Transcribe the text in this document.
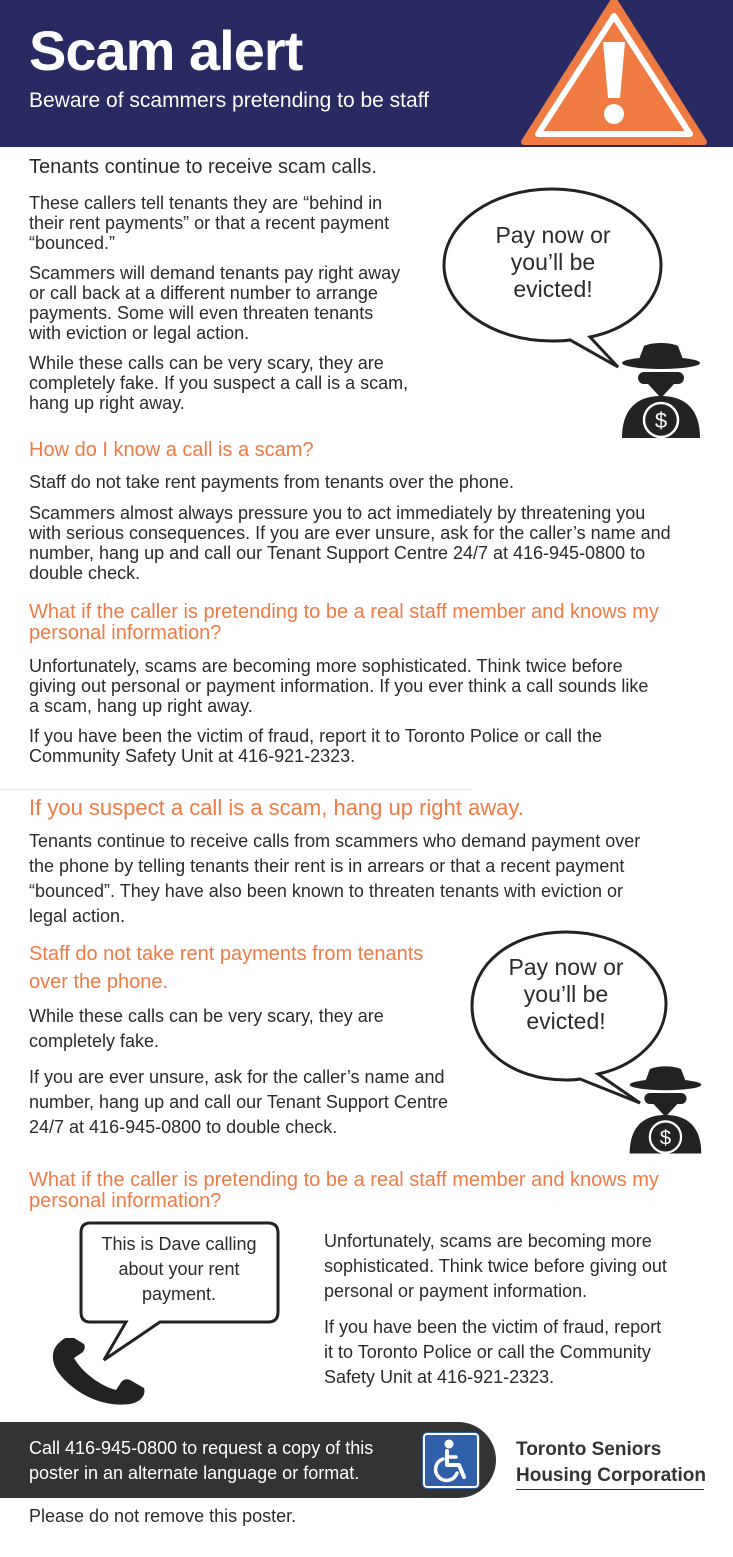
Scam alert
Beware of scammers pretending to be staff
Tenants continue to receive scam calls.
These callers tell tenants they are “behind in
their rent payments” or that a recent payment
“bounced.”
Scammers will demand tenants pay right away
or call back at a different number to arrange
payments. Some will even threaten tenants
with eviction or legal action.
While these calls can be very scary, they are
completely fake. If you suspect a call is a scam,
hang up right away.
Pay now or
you’ll be
evicted!
$
How do I know a call is a scam?
Staff do not take rent payments from tenants over the phone.
Scammers almost always pressure you to act immediately by threatening you
with serious consequences. If you are ever unsure, ask for the caller’s name and
number, hang up and call our Tenant Support Centre 24/7 at 416-945-0800 to
double check.
What if the caller is pretending to be a real staff member and knows my
personal information?
Unfortunately, scams are becoming more sophisticated. Think twice before
giving out personal or payment information. If you ever think a call sounds like
a scam, hang up right away.
If you have been the victim of fraud, report it to Toronto Police or call the
Community Safety Unit at 416-921-2323.
If you suspect a call is a scam, hang up right away.
Tenants continue to receive calls from scammers who demand payment over
the phone by telling tenants their rent is in arrears or that a recent payment
“bounced”. They have also been known to threaten tenants with eviction or
legal action.
Staff do not take rent payments from tenants
over the phone.
While these calls can be very scary, they are
completely fake.
If you are ever unsure, ask for the caller’s name and
number, hang up and call our Tenant Support Centre
24/7 at 416-945-0800 to double check.
Pay now or
you’ll be
evicted!
$
What if the caller is pretending to be a real staff member and knows my
personal information?
This is Dave calling
about your rent
payment.
Unfortunately, scams are becoming more
sophisticated. Think twice before giving out
personal or payment information.
If you have been the victim of fraud, report
it to Toronto Police or call the Community
Safety Unit at 416-921-2323.
Call 416-945-0800 to request a copy of this
poster in an alternate language or format.
Toronto Seniors
Housing Corporation
Please do not remove this poster.
